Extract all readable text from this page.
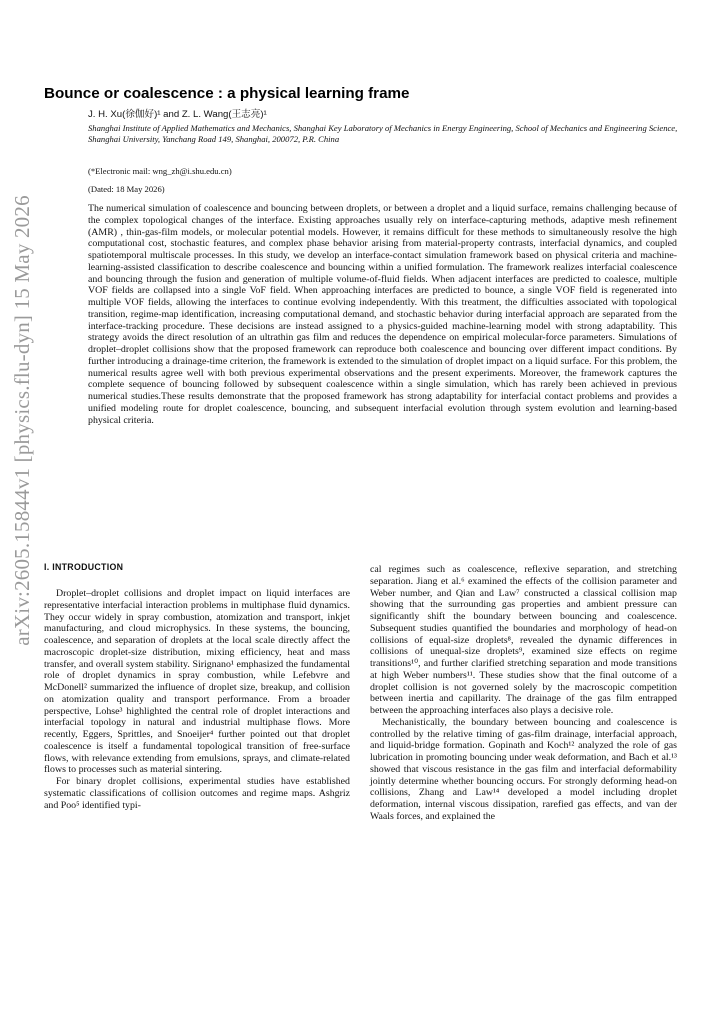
arXiv:2605.15844v1 [physics.flu-dyn] 15 May 2026
Bounce or coalescence : a physical learning frame
J. H. Xu(徐伽好)¹ and Z. L. Wang(王志亮)¹
Shanghai Institute of Applied Mathematics and Mechanics, Shanghai Key Laboratory of Mechanics in Energy Engineering, School of Mechanics and Engineering Science, Shanghai University, Yanchang Road 149, Shanghai, 200072, P.R. China
(*Electronic mail: wng_zh@i.shu.edu.cn)
(Dated: 18 May 2026)

The numerical simulation of coalescence and bouncing between droplets, or between a droplet and a liquid surface, remains challenging because of the complex topological changes of the interface. Existing approaches usually rely on interface-capturing methods, adaptive mesh refinement (AMR) , thin-gas-film models, or molecular potential models. However, it remains difficult for these methods to simultaneously resolve the high computational cost, stochastic features, and complex phase behavior arising from material-property contrasts, interfacial dynamics, and coupled spatiotemporal multiscale processes. In this study, we develop an interface-contact simulation framework based on physical criteria and machine-learning-assisted classification to describe coalescence and bouncing within a unified formulation. The framework realizes interfacial coalescence and bouncing through the fusion and generation of multiple volume-of-fluid fields. When adjacent interfaces are predicted to coalesce, multiple VOF fields are collapsed into a single VoF field. When approaching interfaces are predicted to bounce, a single VOF field is regenerated into multiple VOF fields, allowing the interfaces to continue evolving independently. With this treatment, the difficulties associated with topological transition, regime-map identification, increasing computational demand, and stochastic behavior during interfacial approach are separated from the interface-tracking procedure. These decisions are instead assigned to a physics-guided machine-learning model with strong adaptability. This strategy avoids the direct resolution of an ultrathin gas film and reduces the dependence on empirical molecular-force parameters. Simulations of droplet–droplet collisions show that the proposed framework can reproduce both coalescence and bouncing over different impact conditions. By further introducing a drainage-time criterion, the framework is extended to the simulation of droplet impact on a liquid surface. For this problem, the numerical results agree well with both previous experimental observations and the present experiments. Moreover, the framework captures the complete sequence of bouncing followed by subsequent coalescence within a single simulation, which has rarely been achieved in previous numerical studies.These results demonstrate that the proposed framework has strong adaptability for interfacial contact problems and provides a unified modeling route for droplet coalescence, bouncing, and subsequent interfacial evolution through system evolution and learning-based physical criteria.

I. INTRODUCTION

Droplet–droplet collisions and droplet impact on liquid interfaces are representative interfacial interaction problems in multiphase fluid dynamics. They occur widely in spray combustion, atomization and transport, inkjet manufacturing, and cloud microphysics. In these systems, the bouncing, coalescence, and separation of droplets at the local scale directly affect the macroscopic droplet-size distribution, mixing efficiency, heat and mass transfer, and overall system stability. Sirignano¹ emphasized the fundamental role of droplet dynamics in spray combustion, while Lefebvre and McDonell² summarized the influence of droplet size, breakup, and collision on atomization quality and transport performance. From a broader perspective, Lohse³ highlighted the central role of droplet interactions and interfacial topology in natural and industrial multiphase flows. More recently, Eggers, Sprittles, and Snoeijer⁴ further pointed out that droplet coalescence is itself a fundamental topological transition of free-surface flows, with relevance extending from emulsions, sprays, and climate-related flows to processes such as material sintering.

For binary droplet collisions, experimental studies have established systematic classifications of collision outcomes and regime maps. Ashgriz and Poo⁵ identified typi-

cal regimes such as coalescence, reflexive separation, and stretching separation. Jiang et al.⁶ examined the effects of the collision parameter and Weber number, and Qian and Law⁷ constructed a classical collision map showing that the surrounding gas properties and ambient pressure can significantly shift the boundary between bouncing and coalescence. Subsequent studies quantified the boundaries and morphology of head-on collisions of equal-size droplets⁸, revealed the dynamic differences in collisions of unequal-size droplets⁹, examined size effects on regime transitions¹⁰, and further clarified stretching separation and mode transitions at high Weber numbers¹¹. These studies show that the final outcome of a droplet collision is not governed solely by the macroscopic competition between inertia and capillarity. The drainage of the gas film entrapped between the approaching interfaces also plays a decisive role.

Mechanistically, the boundary between bouncing and coalescence is controlled by the relative timing of gas-film drainage, interfacial approach, and liquid-bridge formation. Gopinath and Koch¹² analyzed the role of gas lubrication in promoting bouncing under weak deformation, and Bach et al.¹³ showed that viscous resistance in the gas film and interfacial deformability jointly determine whether bouncing occurs. For strongly deforming head-on collisions, Zhang and Law¹⁴ developed a model including droplet deformation, internal viscous dissipation, rarefied gas effects, and van der Waals forces, and explained the
